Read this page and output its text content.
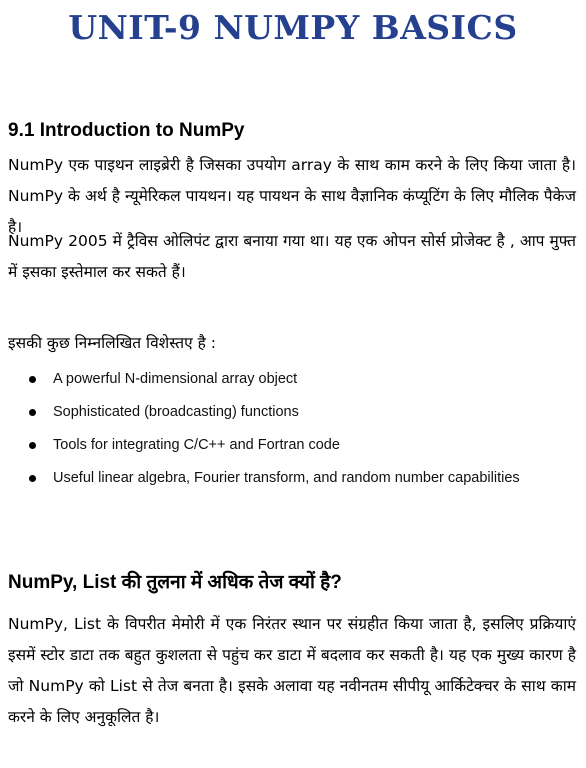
UNIT-9 NUMPY BASICS
9.1 Introduction to NumPy

NumPy एक पाइथन लाइब्रेरी है जिसका उपयोग array के साथ काम करने के लिए किया जाता है। NumPy के अर्थ है न्यूमेरिकल पायथन। यह पायथन के साथ वैज्ञानिक कंप्यूटिंग के लिए मौलिक पैकेज है।

NumPy 2005 में ट्रैविस ओलिपंट द्वारा बनाया गया था। यह एक ओपन सोर्स प्रोजेक्ट है , आप मुफ्त में इसका इस्तेमाल कर सकते हैं।

इसकी कुछ निम्नलिखित विशेस्तए है :
A powerful N-dimensional array object
Sophisticated (broadcasting) functions
Tools for integrating C/C++ and Fortran code
Useful linear algebra, Fourier transform, and random number capabilities
NumPy, List की तुलना में अधिक तेज क्यों है?

NumPy, List के विपरीत मेमोरी में एक निरंतर स्थान पर संग्रहीत किया जाता है, इसलिए प्रक्रियाएं इसमें स्टोर डाटा तक बहुत कुशलता से पहुंच कर डाटा में बदलाव कर सकती है। यह एक मुख्य कारण है जो NumPy को List से तेज बनता है। इसके अलावा यह नवीनतम सीपीयू आर्किटेक्चर के साथ काम करने के लिए अनुकूलित है।
